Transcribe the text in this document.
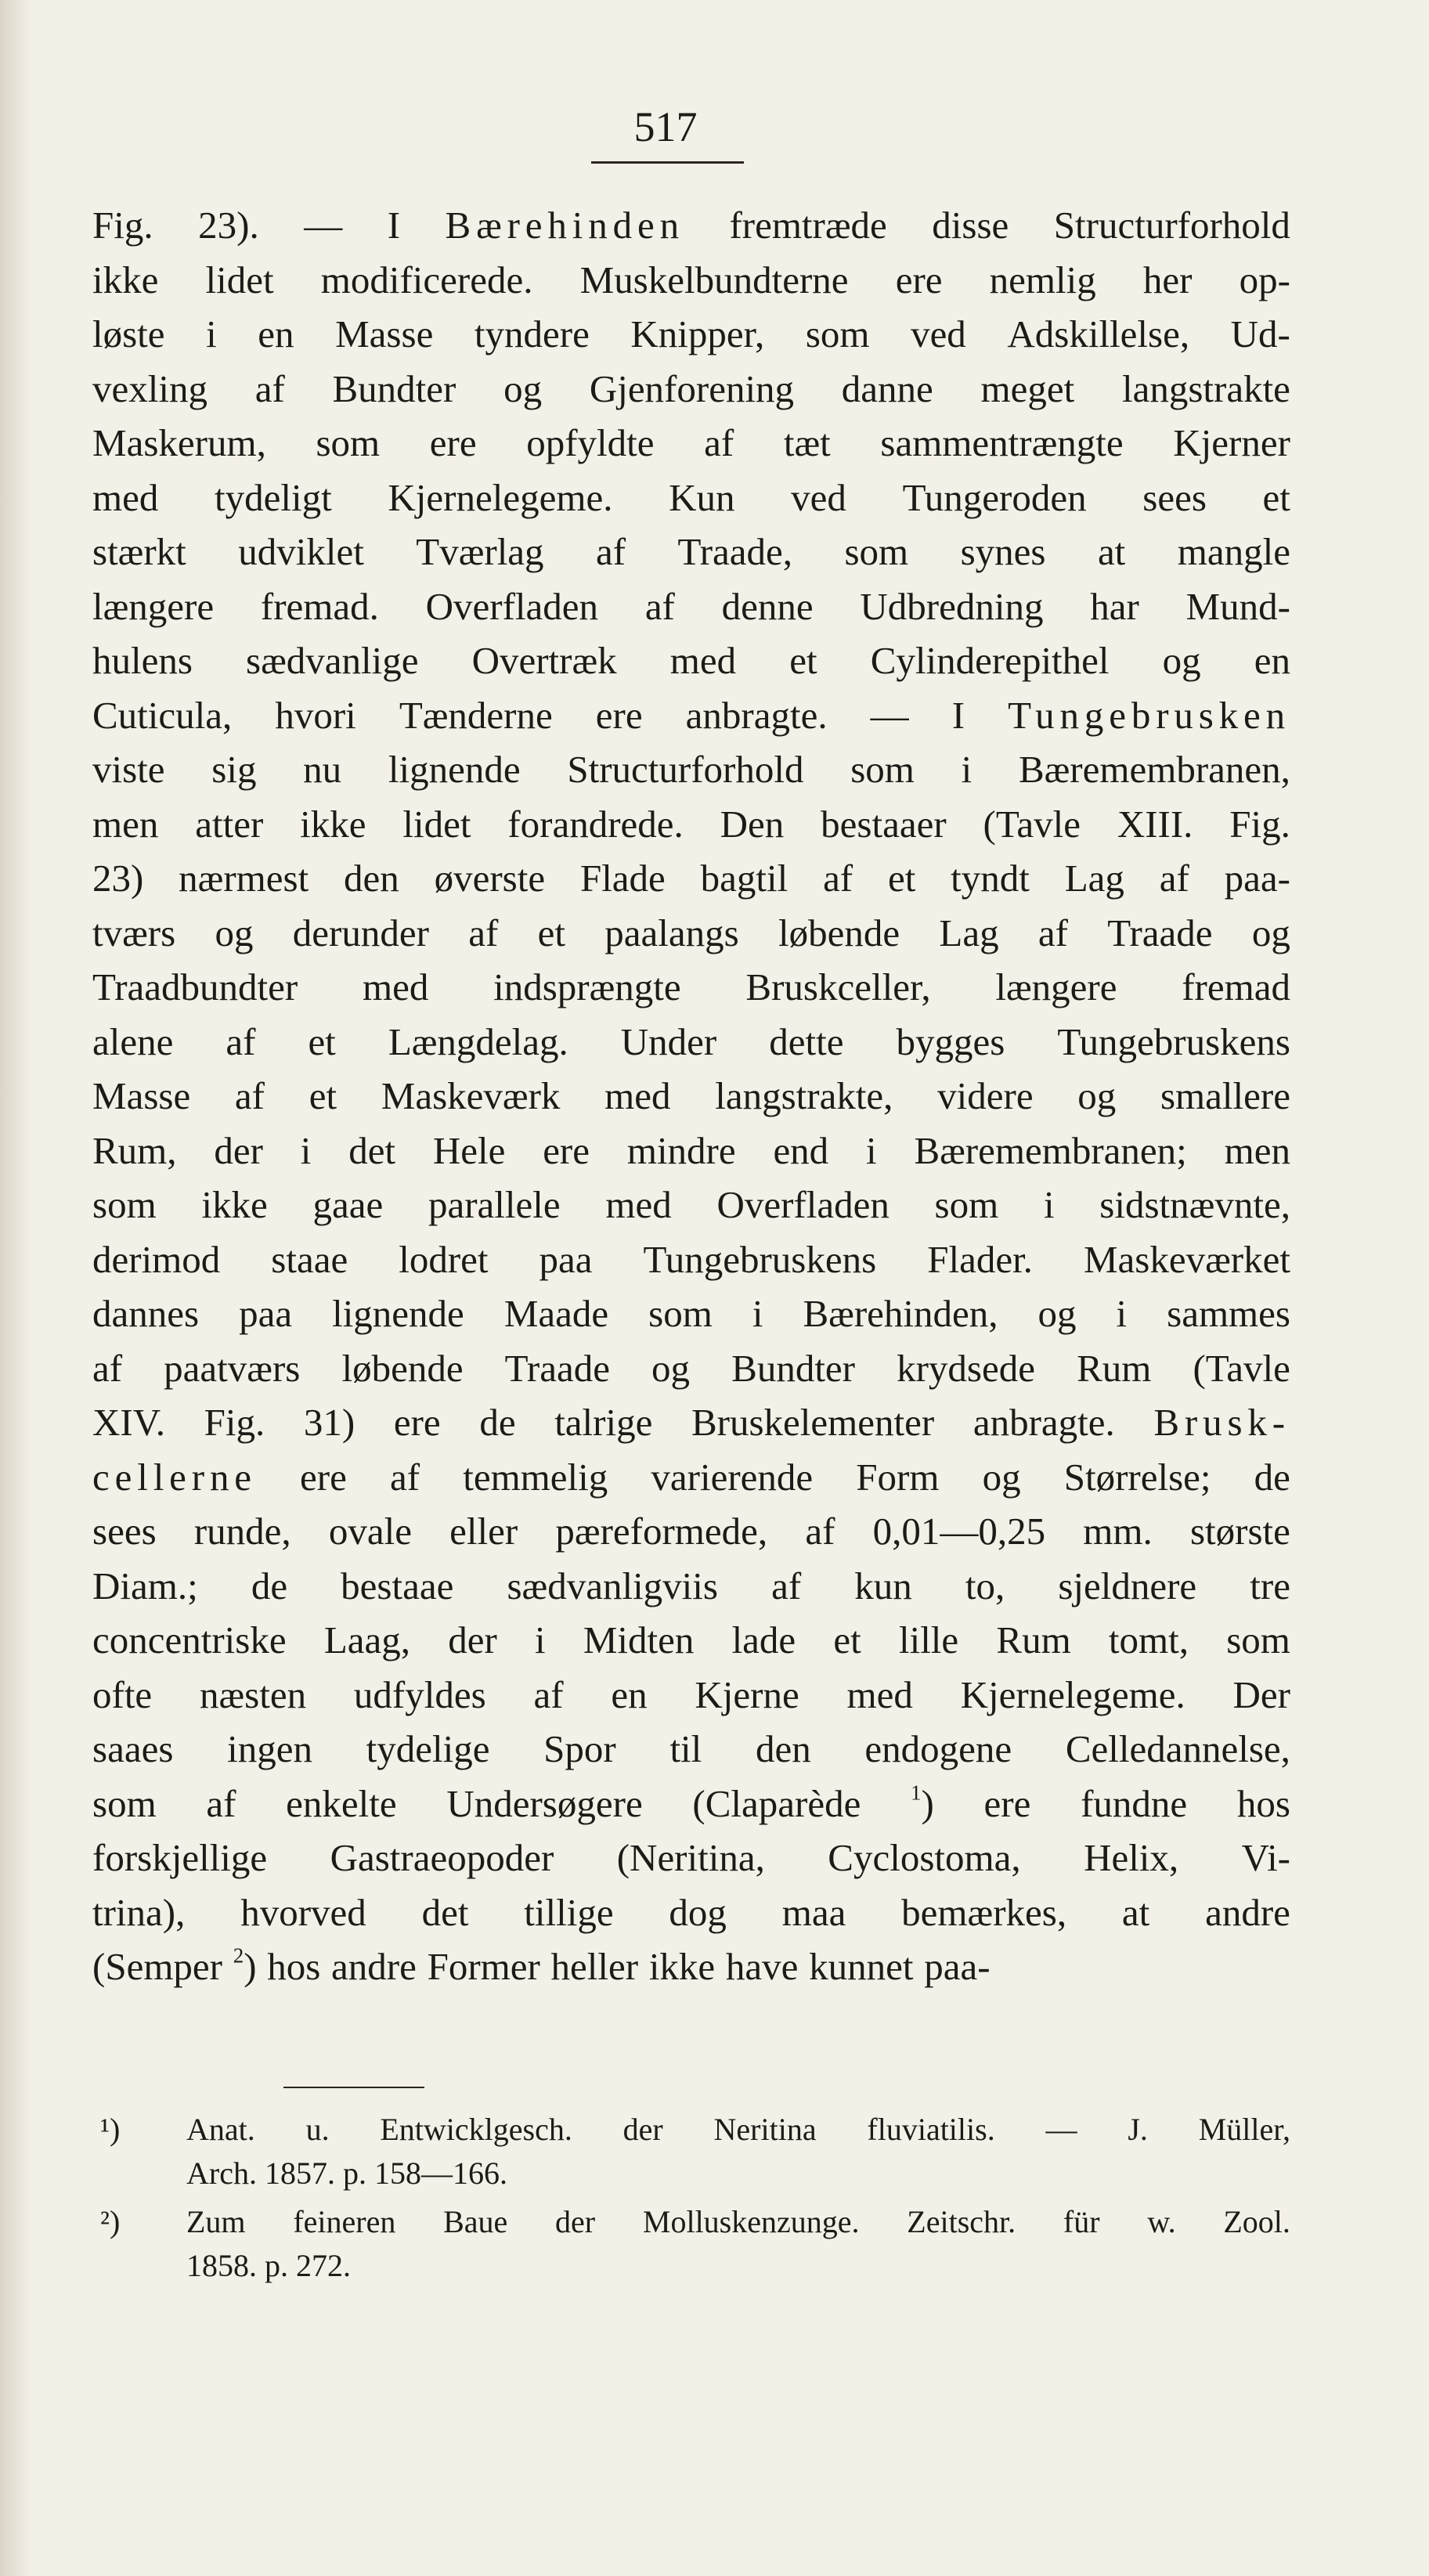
517
Fig. 23). — I Bærehinden fremtræde disse Structurforhold
ikke lidet modificerede. Muskelbundterne ere nemlig her op-
løste i en Masse tyndere Knipper, som ved Adskillelse, Ud-
vexling af Bundter og Gjenforening danne meget langstrakte
Maskerum, som ere opfyldte af tæt sammentrængte Kjerner
med tydeligt Kjernelegeme. Kun ved Tungeroden sees et
stærkt udviklet Tværlag af Traade, som synes at mangle
længere fremad. Overfladen af denne Udbredning har Mund-
hulens sædvanlige Overtræk med et Cylinderepithel og en
Cuticula, hvori Tænderne ere anbragte. — I Tungebrusken
viste sig nu lignende Structurforhold som i Bæremembranen,
men atter ikke lidet forandrede. Den bestaaer (Tavle XIII. Fig.
23) nærmest den øverste Flade bagtil af et tyndt Lag af paa-
tværs og derunder af et paalangs løbende Lag af Traade og
Traadbundter med indsprængte Bruskceller, længere fremad
alene af et Længdelag. Under dette bygges Tungebruskens
Masse af et Maskeværk med langstrakte, videre og smallere
Rum, der i det Hele ere mindre end i Bæremembranen; men
som ikke gaae parallele med Overfladen som i sidstnævnte,
derimod staae lodret paa Tungebruskens Flader. Maskeværket
dannes paa lignende Maade som i Bærehinden, og i sammes
af paatværs løbende Traade og Bundter krydsede Rum (Tavle
XIV. Fig. 31) ere de talrige Bruskelementer anbragte. Brusk-
cellerne ere af temmelig varierende Form og Størrelse; de
sees runde, ovale eller pæreformede, af 0,01—0,25 mm. største
Diam.; de bestaae sædvanligviis af kun to, sjeldnere tre
concentriske Laag, der i Midten lade et lille Rum tomt, som
ofte næsten udfyldes af en Kjerne med Kjernelegeme. Der
saaes ingen tydelige Spor til den endogene Celledannelse,
som af enkelte Undersøgere (Claparède $^1$) ere fundne hos
forskjellige Gastraeopoder (Neritina, Cyclostoma, Helix, Vi-
trina), hvorved det tillige dog maa bemærkes, at andre
(Semper $^2$) hos andre Former heller ikke have kunnet paa-
¹) Anat. u. Entwicklgesch. der Neritina fluviatilis. — J. Müller,
Arch. 1857. p. 158—166.
²) Zum feineren Baue der Molluskenzunge. Zeitschr. für w. Zool.
1858. p. 272.
